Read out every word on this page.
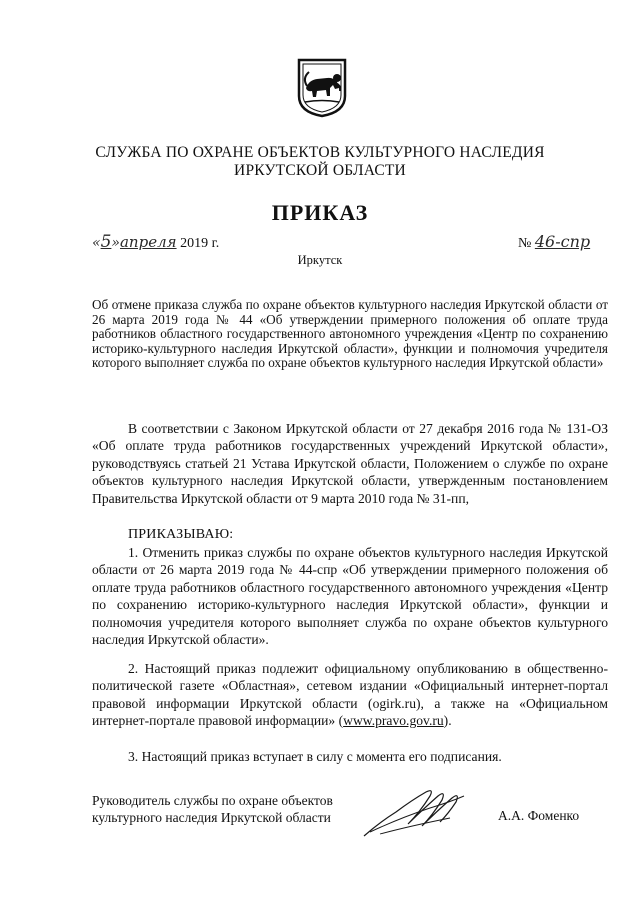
СЛУЖБА ПО ОХРАНЕ ОБЪЕКТОВ КУЛЬТУРНОГО НАСЛЕДИЯ
ИРКУТСКОЙ ОБЛАСТИ
ПРИКАЗ
«5»апреля 2019 г.	№ 46-спр
Иркутск
Об отмене приказа служба по охране объектов культурного наследия Иркутской области от 26 марта 2019 года № 44 «Об утверждении примерного положения об оплате труда работников областного государственного автономного учреждения «Центр по сохранению историко-культурного наследия Иркутской области», функции и полномочия учредителя которого выполняет служба по охране объектов культурного наследия Иркутской области»

В соответствии с Законом Иркутской области от 27 декабря 2016 года № 131-ОЗ «Об оплате труда работников государственных учреждений Иркутской области», руководствуясь статьей 21 Устава Иркутской области, Положением о службе по охране объектов культурного наследия Иркутской области, утвержденным постановлением Правительства Иркутской области от 9 марта 2010 года № 31-пп,

ПРИКАЗЫВАЮ:

1. Отменить приказ службы по охране объектов культурного наследия Иркутской области от 26 марта 2019 года № 44-спр «Об утверждении примерного положения об оплате труда работников областного государственного автономного учреждения «Центр по сохранению историко-культурного наследия Иркутской области», функции и полномочия учредителя которого выполняет служба по охране объектов культурного наследия Иркутской области».

2. Настоящий приказ подлежит официальному опубликованию в общественно-политической газете «Областная», сетевом издании «Официальный интернет-портал правовой информации Иркутской области (ogirk.ru), а также на «Официальном интернет-портале правовой информации» (www.pravo.gov.ru).

3. Настоящий приказ вступает в силу с момента его подписания.

Руководитель службы по охране объектов
культурного наследия Иркутской области	А.А. Фоменко
